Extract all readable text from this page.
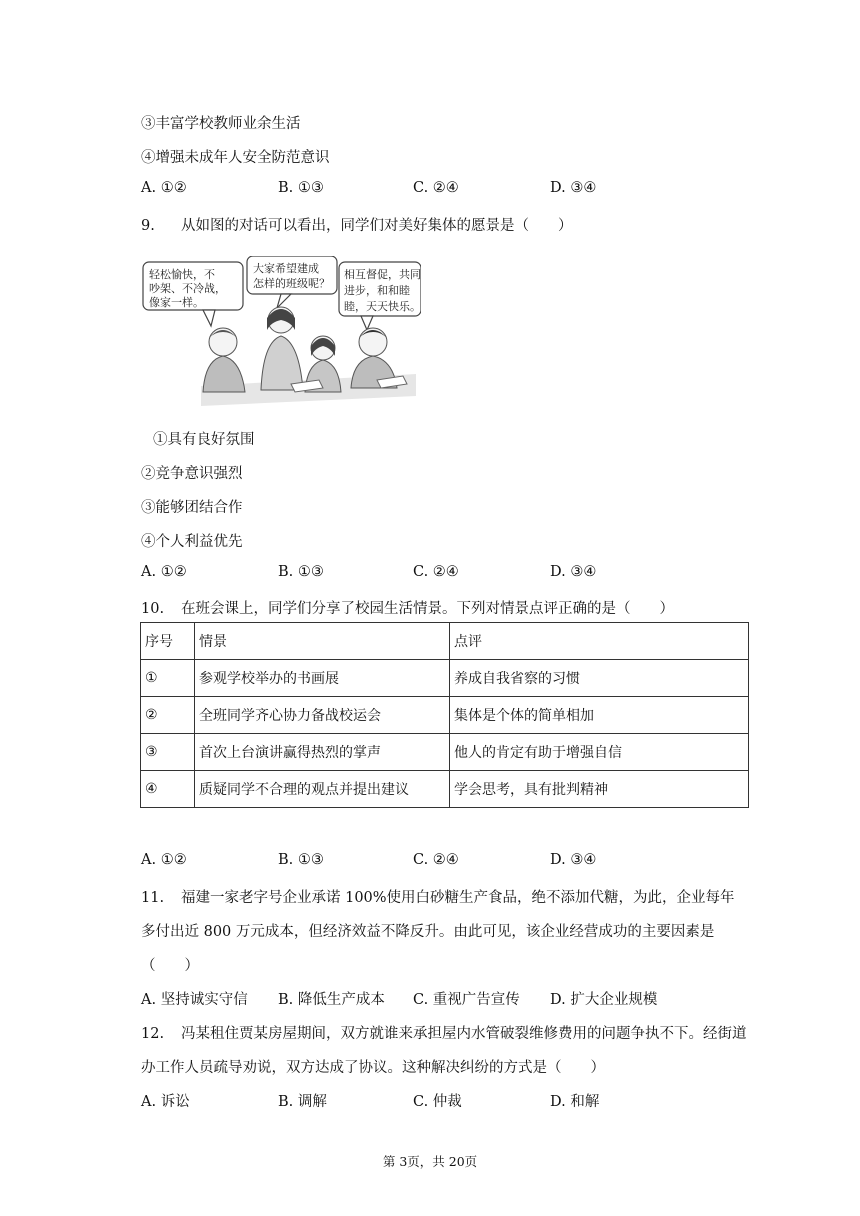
③丰富学校教师业余生活
④增强未成年人安全防范意识
A. ①②	B. ①③	C. ②④	D. ③④
9. 从如图的对话可以看出，同学们对美好集体的愿景是（　　）
轻松愉快，不
吵架、不冷战，
像家一样。
大家希望建成
怎样的班级呢？
相互督促，共同
进步，和和睦
睦，天天快乐。
①具有良好氛围
②竞争意识强烈
③能够团结合作
④个人利益优先
A. ①②	B. ①③	C. ②④	D. ③④
10. 在班会课上，同学们分享了校园生活情景。下列对情景点评正确的是（　　）
序号	情景	点评
①	参观学校举办的书画展	养成自我省察的习惯
②	全班同学齐心协力备战校运会	集体是个体的简单相加
③	首次上台演讲赢得热烈的掌声	他人的肯定有助于增强自信
④	质疑同学不合理的观点并提出建议	学会思考，具有批判精神
A. ①②	B. ①③	C. ②④	D. ③④
11. 福建一家老字号企业承诺 100%使用白砂糖生产食品，绝不添加代糖，为此，企业每年
多付出近 800 万元成本，但经济效益不降反升。由此可见，该企业经营成功的主要因素是
（　　）
A. 坚持诚实守信 B. 降低生产成本 C. 重视广告宣传 D. 扩大企业规模
12. 冯某租住贾某房屋期间，双方就谁来承担屋内水管破裂维修费用的问题争执不下。经街道
办工作人员疏导劝说，双方达成了协议。这种解决纠纷的方式是（　　）
A. 诉讼	B. 调解	C. 仲裁	D. 和解
第 3页，共 20页
